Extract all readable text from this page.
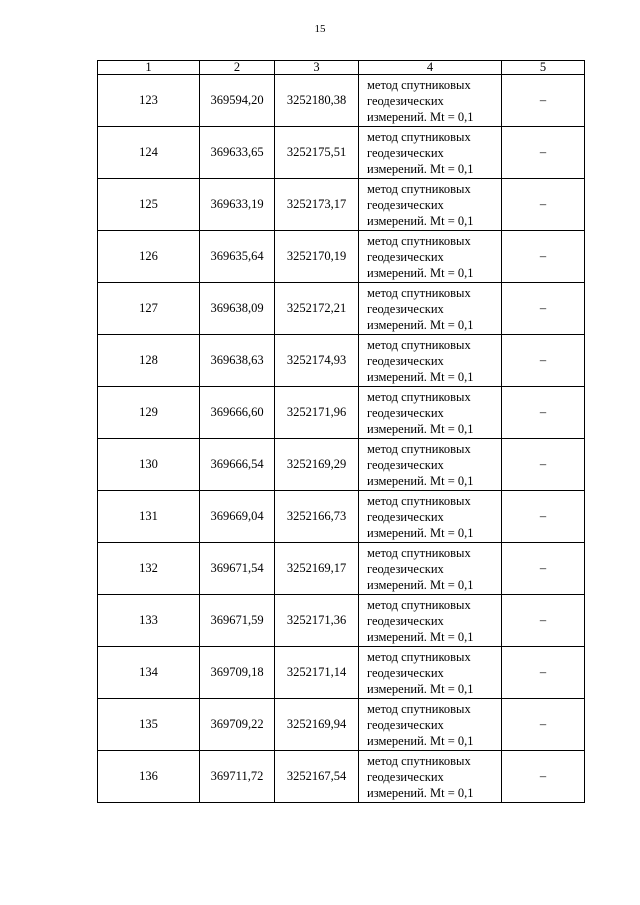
15
1	2	3	4	5
123	369594,20	3252180,38	метод спутниковых
геодезических
измерений. Mt = 0,1	–
124	369633,65	3252175,51	метод спутниковых
геодезических
измерений. Mt = 0,1	–
125	369633,19	3252173,17	метод спутниковых
геодезических
измерений. Mt = 0,1	–
126	369635,64	3252170,19	метод спутниковых
геодезических
измерений. Mt = 0,1	–
127	369638,09	3252172,21	метод спутниковых
геодезических
измерений. Mt = 0,1	–
128	369638,63	3252174,93	метод спутниковых
геодезических
измерений. Mt = 0,1	–
129	369666,60	3252171,96	метод спутниковых
геодезических
измерений. Mt = 0,1	–
130	369666,54	3252169,29	метод спутниковых
геодезических
измерений. Mt = 0,1	–
131	369669,04	3252166,73	метод спутниковых
геодезических
измерений. Mt = 0,1	–
132	369671,54	3252169,17	метод спутниковых
геодезических
измерений. Mt = 0,1	–
133	369671,59	3252171,36	метод спутниковых
геодезических
измерений. Mt = 0,1	–
134	369709,18	3252171,14	метод спутниковых
геодезических
измерений. Mt = 0,1	–
135	369709,22	3252169,94	метод спутниковых
геодезических
измерений. Mt = 0,1	–
136	369711,72	3252167,54	метод спутниковых
геодезических
измерений. Mt = 0,1	–
